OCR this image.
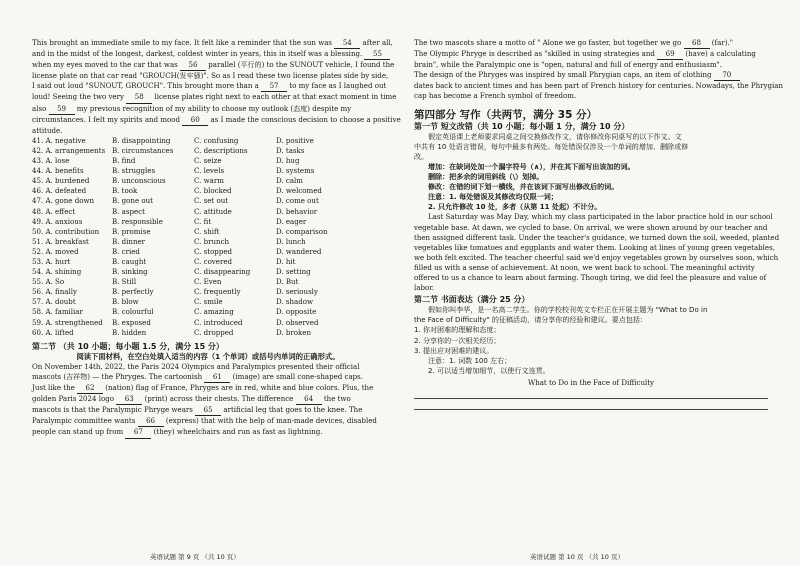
This brought an immediate smile to my face. It felt like a reminder that the sun was 54 after all,
and in the midst of the longest, darkest, coldest winter in years, this in itself was a blessing. 55
when my eyes moved to the car that was 56 parallel (平行的) to the SUNOUT vehicle, I found the
license plate on that car read "GROUCH(发牢骚)". So as I read these two license plates side by side,
I said out loud "SUNOUT, GROUCH". This brought more than a 57 to my face as I laughed out
loud! Seeing the two very 58 license plates right next to each other at that exact moment in time
also 59 my previous recognition of my ability to choose my outlook (态度) despite my
circumstances. I felt my spirits and mood 60 as I made the conscious decision to choose a positive
attitude.
41. A. negative	B. disappointing	C. confusing	D. positive
42. A. arrangements B. circumstances	C. descriptions	D. tasks
43. A. lose	B. find	C. seize	D. hug
44. A. benefits	B. struggles	C. levels	D. systems
45. A. burdened	B. unconscious	C. warm	D. calm
46. A. defeated	B. took	C. blocked	D. welcomed
47. A. gone down	B. gone out	C. set out	D. come out
48. A. effect	B. aspect	C. attitude	D. behavior
49. A. anxious	B. responsible	C. fit	D. eager
50. A. contribution	B. promise	C. shift	D. comparison
51. A. breakfast	B. dinner	C. brunch	D. lunch
52. A. moved	B. cried	C. stopped	D. wandered
53. A. hurt	B. caught	C. covered	D. hit
54. A. shining	B. sinking	C. disappearing	D. setting
55. A. So	B. Still	C. Even	D. But
56. A. finally	B. perfectly	C. frequently	D. seriously
57. A. doubt	B. blow	C. smile	D. shadow
58. A. familiar	B. colourful	C. amazing	D. opposite
59. A. strengthened	B. exposed	C. introduced	D. observed
60. A. lifted	B. hidden	C. dropped	D. broken
第二节 （共 10 小题；每小题 1.5 分，满分 15 分）
阅读下面材料，在空白处填入适当的内容（1 个单词）或括号内单词的正确形式。
On November 14th, 2022, the Paris 2024 Olympics and Paralympics presented their official
mascots (吉祥物) — the Phryges. The cartoonish 61 (image) are small cone-shaped caps.
Just like the 62 (nation) flag of France, Phryges are in red, white and blue colors. Plus, the
golden Paris 2024 logo 63 (print) across their chests. The difference 64 the two
mascots is that the Paralympic Phryge wears 65 artificial leg that goes to the knee. The
Paralympic committee wants 66 (express) that with the help of man-made devices, disabled
people can stand up from 67 (they) wheelchairs and run as fast as lightning.
英语试题 第 9 页 （共 10 页）
The two mascots share a motto of " Alone we go faster, but together we go 68 (far)."
The Olympic Phryge is described as "skilled in using strategies and 69 (have) a calculating
brain", while the Paralympic one is "open, natural and full of energy and enthusiasm".
The design of the Phryges was inspired by small Phrygian caps, an item of clothing 70
dates back to ancient times and has been part of French history for centuries. Nowadays, the Phrygian
cap has become a French symbol of freedom.
第四部分 写作（共两节，满分 35 分）
第一节 短文改错（共 10 小题；每小题 1 分，满分 10 分）
假定英语课上老师要求同桌之间交换修改作文，请你修改你同桌写的以下作文。文
中共有 10 处语言错误，每句中最多有两处。每处错误仅涉及一个单词的增加、删除或修
改。
增加：在缺词处加一个漏字符号（∧），并在其下面写出该加的词。
删除：把多余的词用斜线（\）划掉。
修改：在错的词下划一横线，并在该词下面写出修改后的词。
注意：1. 每处错误及其修改均仅限一词；
2. 只允许修改 10 处，多者（从第 11 处起）不计分。
Last Saturday was May Day, which my class participated in the labor practice hold in our school
vegetable base. At dawn, we cycled to base. On arrival, we were shown around by our teacher and
then assigned different task. Under the teacher's guidance, we turned down the soil, weeded, planted
vegetables like tomatoes and eggplants and water them. Looking at lines of young green vegetables,
we both felt excited. The teacher cheerful said we'd enjoy vegetables grown by ourselves soon, which
filled us with a sense of achievement. At noon, we went back to school. The meaningful activity
offered to us a chance to learn about farming. Though tiring, we did feel the pleasure and value of
labor.
第二节 书面表达（满分 25 分）
假如你叫李华，是一名高二学生。你的学校校刊英文专栏正在开展主题为 "What to Do in
the Face of Difficulty" 的征稿活动，请分享你的经验和建议。要点包括：
1. 你对困难的理解和态度；
2. 分享你的一次相关经历；
3. 提出应对困难的建议。
注意：1. 词数 100 左右；
2. 可以适当增加细节，以使行文连贯。
What to Do in the Face of Difficulty
英语试题 第 10 页 （共 10 页）
